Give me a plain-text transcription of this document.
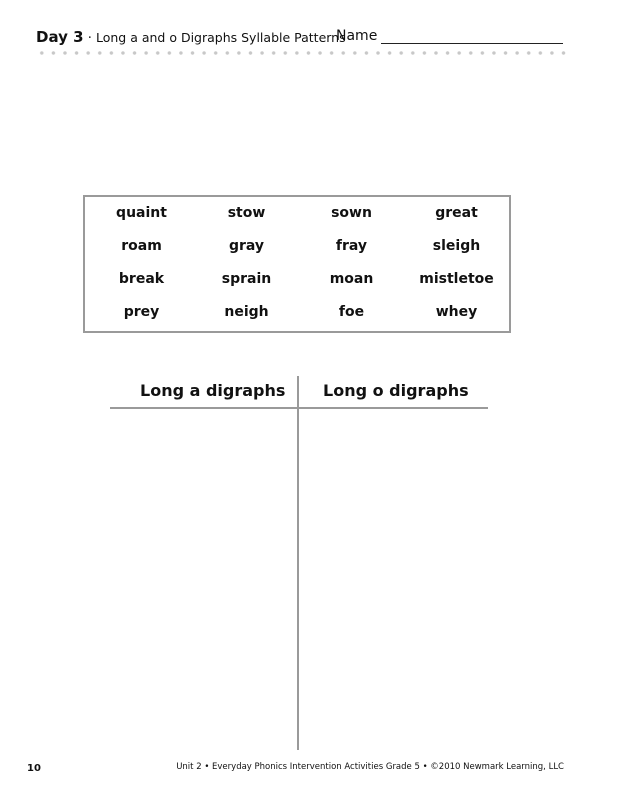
Day 3 · Long a and o Digraphs Syllable Patterns
Name
quaint	stow	sown	great
roam	gray	fray	sleigh
break	sprain	moan	mistletoe
prey	neigh	foe	whey
Long a digraphs Long o digraphs
10	Unit 2 • Everyday Phonics Intervention Activities Grade 5 • ©2010 Newmark Learning, LLC
